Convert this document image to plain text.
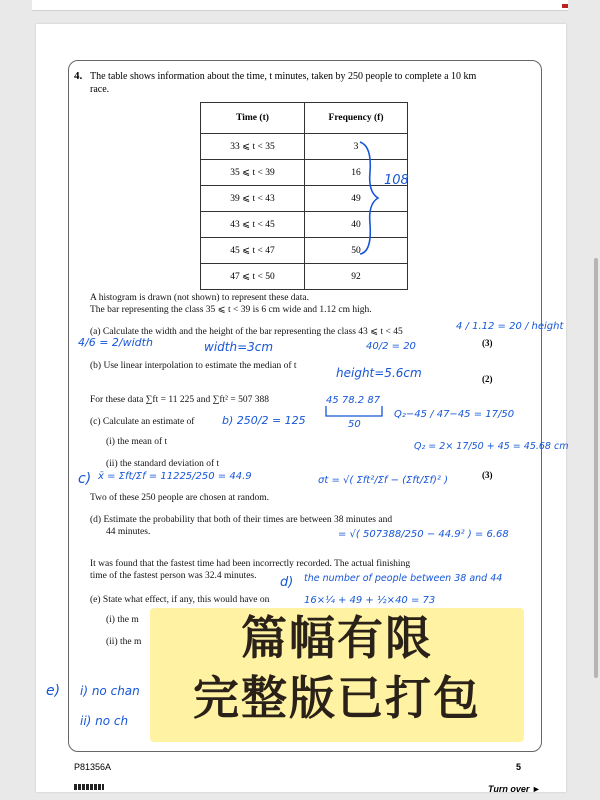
4. The table shows information about the time, t minutes, taken by 250 people to complete a 10 km race.
Time (t)	Frequency (f)
33 ⩽ t < 35	3
35 ⩽ t < 39	16
39 ⩽ t < 43	49
43 ⩽ t < 45	40
45 ⩽ t < 47	50
47 ⩽ t < 50	92
A histogram is drawn (not shown) to represent these data.
The bar representing the class 35 ⩽ t < 39 is 6 cm wide and 1.12 cm high.
(a) Calculate the width and the height of the bar representing the class 43 ⩽ t < 45
(3)
(b) Use linear interpolation to estimate the median of t
(2)
For these data ∑ft = 11 225 and ∑ft² = 507 388
(c) Calculate an estimate of
(i) the mean of t
(ii) the standard deviation of t
(3)
Two of these 250 people are chosen at random.
(d) Estimate the probability that both of their times are between 38 minutes and
44 minutes.
It was found that the fastest time had been incorrectly recorded. The actual finishing
time of the fastest person was 32.4 minutes.
(e) State what effect, if any, this would have on
(i) the m
(ii) the m
108
4/6 = 2/width	width=3cm
4 / 1.12 = 20 / height
40/2 = 20
height=5.6cm
b) 250/2 = 125
45 78.2 87
50
Q₂−45 / 47−45 = 17/50
Q₂ = 2× 17/50 + 45 = 45.68 cm
c) x̄ = Σft/Σf = 11225/250 = 44.9	σt = √( Σft²/Σf − (Σft/Σf)² )
= √( 507388/250 − 44.9² ) = 6.68
d) the number of people between 38 and 44
16×¼ + 49 + ½×40 = 73
e) i) no chan
ii) no ch
P81356A	5
Turn over ►
篇幅有限
完整版已打包
